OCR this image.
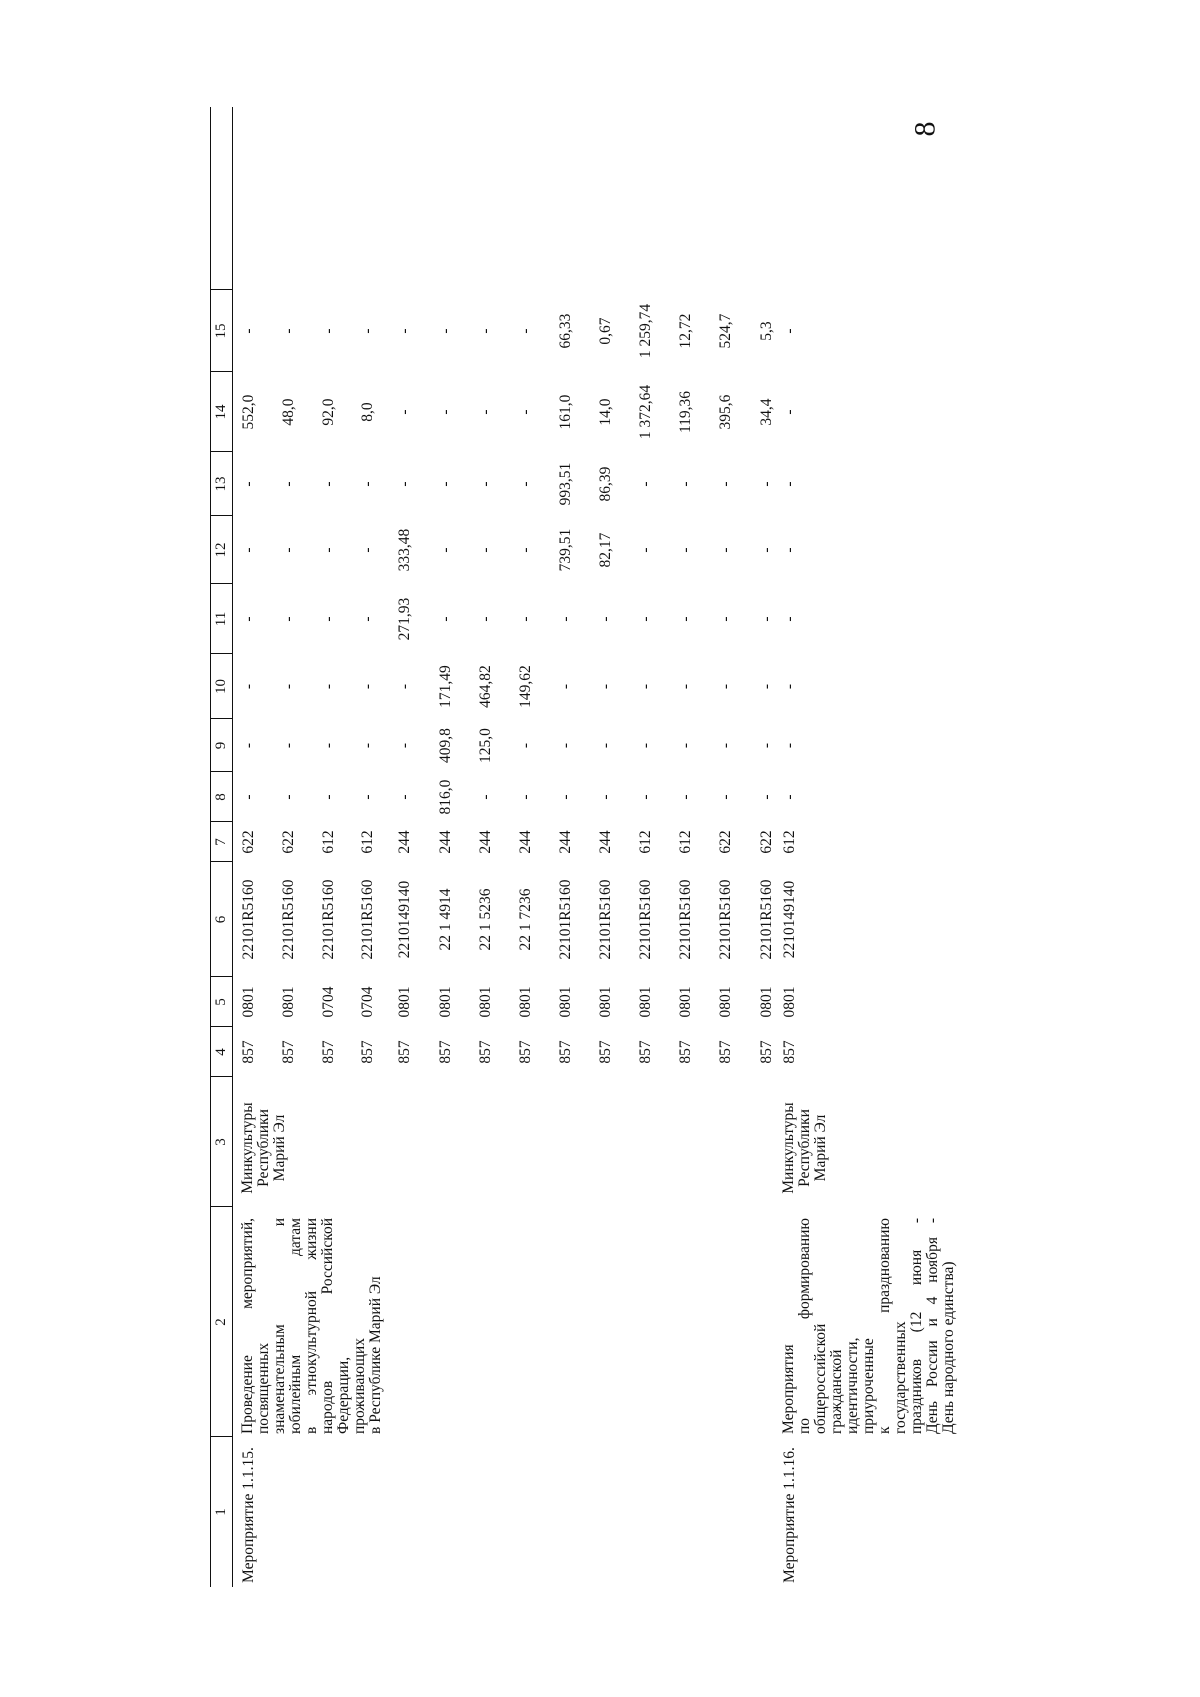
8
1
2
3
4
5
6
7
8
9
10
11
12
13
14
15
Мероприятие 1.1.15.
Проведение мероприятий, посвященных знаменательным и юбилейным датам в этнокультурной жизни народов Российской Федерации, проживающих в Республике Марий Эл
Минкультуры Республики Марий Эл
Мероприятие 1.1.16.
Мероприятия по формированию общероссийской гражданской идентичности, приуроченные к празднованию государственных праздников (12 июня - День России и 4 ноября - День народного единства)
Минкультуры Республики Марий Эл
857
0801
22101R5160
622
-
-
-
-
-
-
552,0
-
857
0801
22101R5160
622
-
-
-
-
-
-
48,0
-
857
0704
22101R5160
612
-
-
-
-
-
-
92,0
-
857
0704
22101R5160
612
-
-
-
-
-
-
8,0
-
857
0801
2210149140
244
-
-
-
271,93
333,48
-
-
-
857
0801
22 1 4914
244
816,0
409,8
171,49
-
-
-
-
-
857
0801
22 1 5236
244
-
125,0
464,82
-
-
-
-
-
857
0801
22 1 7236
244
-
-
149,62
-
-
-
-
-
857
0801
22101R5160
244
-
-
-
-
739,51
993,51
161,0
66,33
857
0801
22101R5160
244
-
-
-
-
82,17
86,39
14,0
0,67
857
0801
22101R5160
612
-
-
-
-
-
-
1 372,64
1 259,74
857
0801
22101R5160
612
-
-
-
-
-
-
119,36
12,72
857
0801
22101R5160
622
-
-
-
-
-
-
395,6
524,7
857
0801
22101R5160
622
-
-
-
-
-
-
34,4
5,3
857
0801
2210149140
612
-
-
-
-
-
-
-
-
